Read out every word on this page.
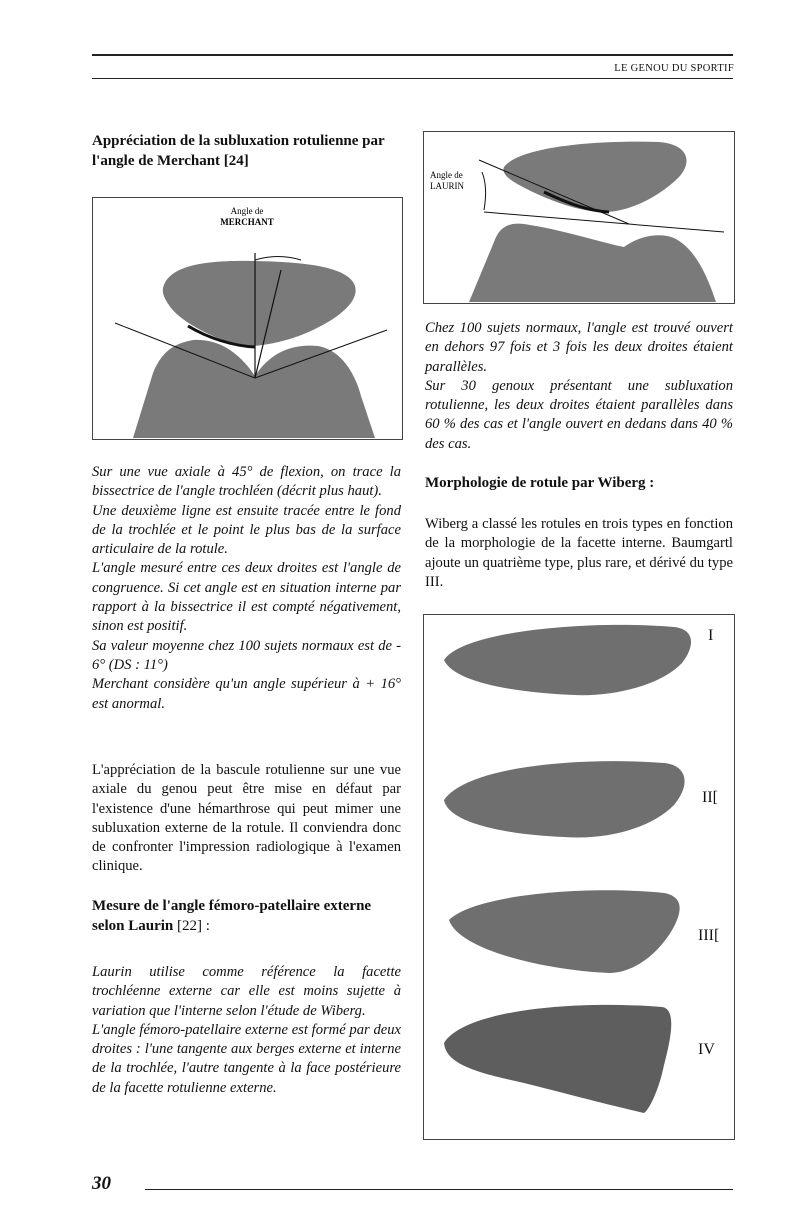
LE GENOU DU SPORTIF
Appréciation de la subluxation rotulienne par l'angle de Merchant [24]
Angle de
MERCHANT

Sur une vue axiale à 45° de flexion, on trace la bissectrice de l'angle trochléen (décrit plus haut).

Une deuxième ligne est ensuite tracée entre le fond de la trochlée et le point le plus bas de la surface articulaire de la rotule.

L'angle mesuré entre ces deux droites est l'angle de congruence. Si cet angle est en situation interne par rapport à la bissectrice il est compté négativement, sinon est positif.

Sa valeur moyenne chez 100 sujets normaux est de - 6° (DS : 11°)

Merchant considère qu'un angle supérieur à + 16° est anormal.

L'appréciation de la bascule rotulienne sur une vue axiale du genou peut être mise en défaut par l'existence d'une hémarthrose qui peut mimer une subluxation externe de la rotule. Il conviendra donc de confronter l'impression radiologique à l'examen clinique.

Mesure de l'angle fémoro-patellaire externe selon Laurin [22] :

Laurin utilise comme référence la facette trochléenne externe car elle est moins sujette à variation que l'interne selon l'étude de Wiberg.

L'angle fémoro-patellaire externe est formé par deux droites : l'une tangente aux berges externe et interne de la trochlée, l'autre tangente à la face postérieure de la facette rotulienne externe.

Angle de
LAURIN

Chez 100 sujets normaux, l'angle est trouvé ouvert en dehors 97 fois et 3 fois les deux droites étaient parallèles.

Sur 30 genoux présentant une subluxation rotulienne, les deux droites étaient parallèles dans 60 % des cas et l'angle ouvert en dedans dans 40 % des cas.

Morphologie de rotule par Wiberg :

Wiberg a classé les rotules en trois types en fonction de la morphologie de la facette interne. Baumgartl ajoute un quatrième type, plus rare, et dérivé du type III.

I
II[
III[
IV
30
